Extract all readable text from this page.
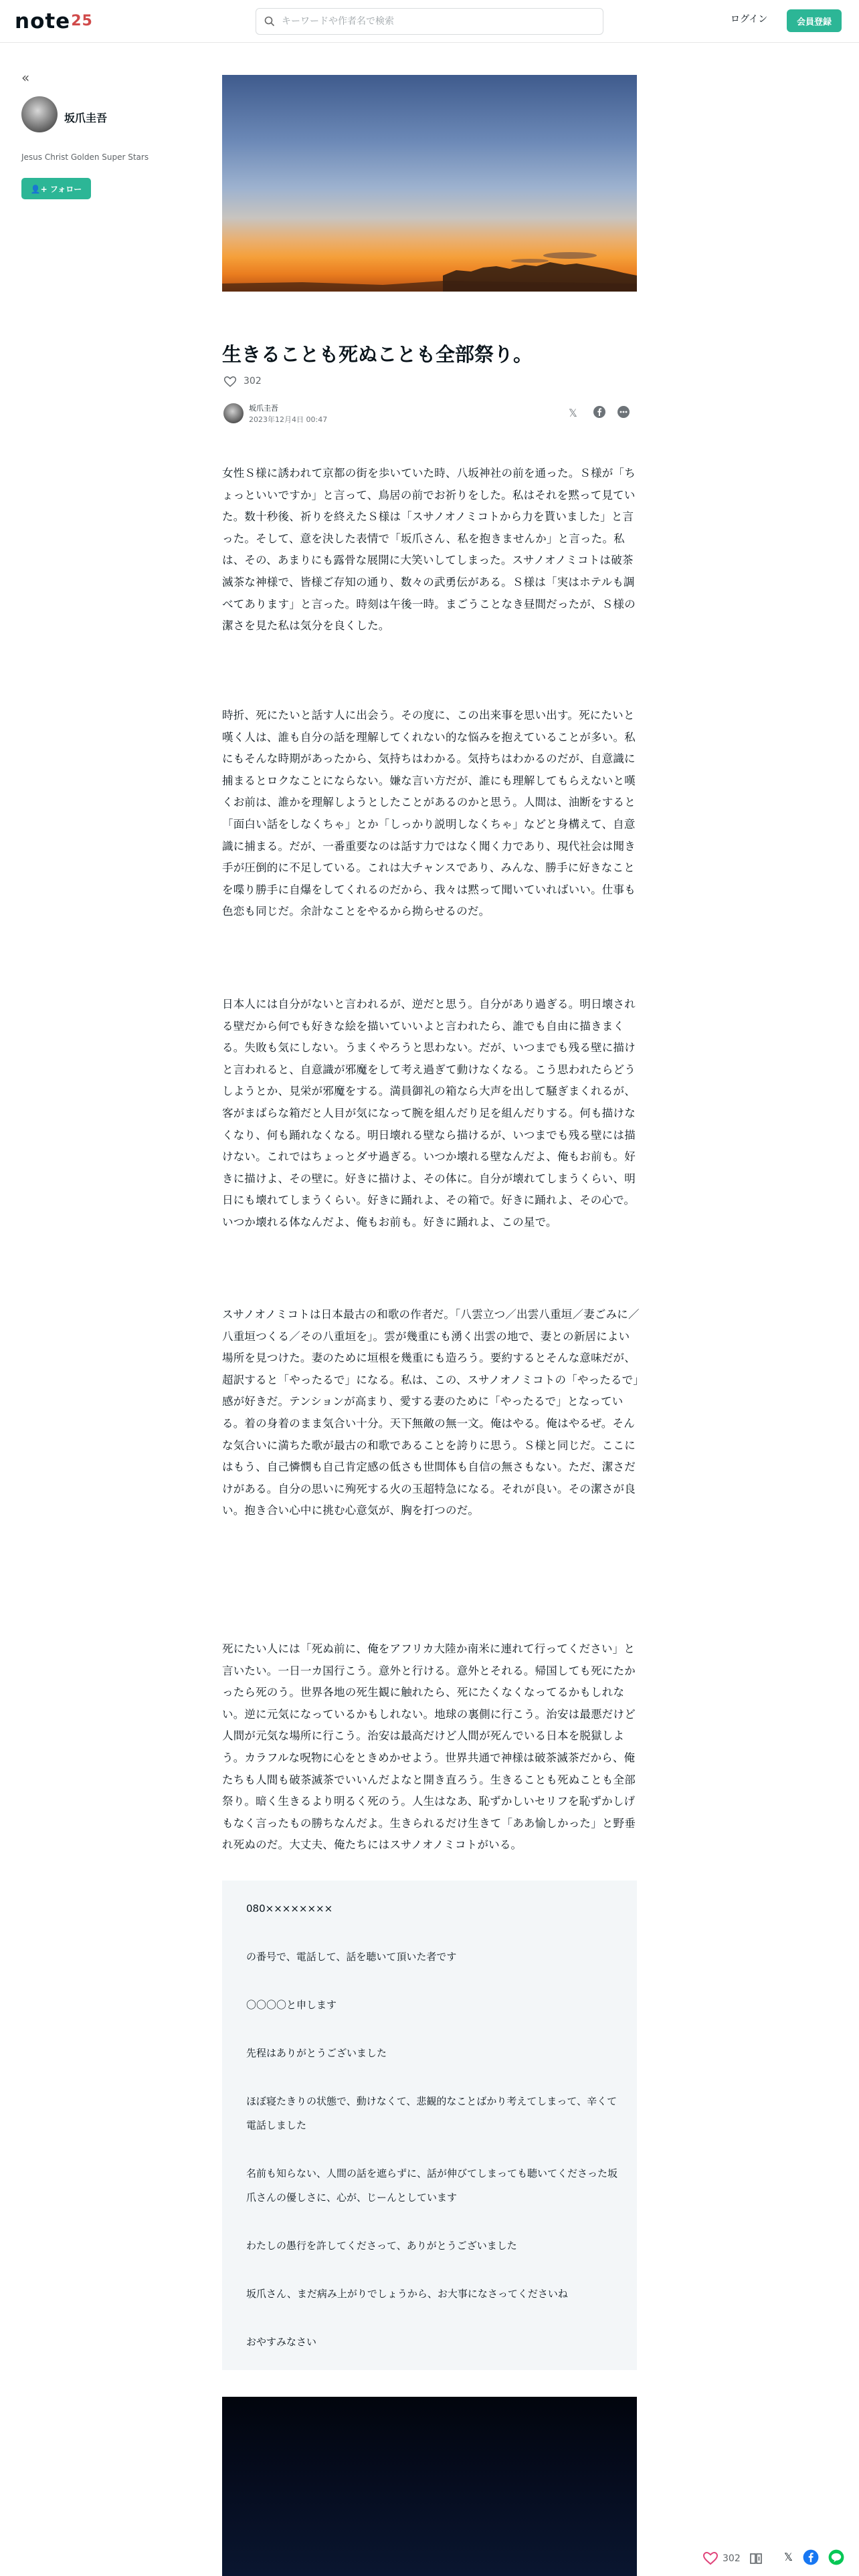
note25
キーワードや作者名で検索	ログイン	会員登録
«
坂爪圭吾
Jesus Christ Golden Super Stars
👤+ フォロー
生きることも死ぬことも全部祭り。
302
坂爪圭吾
2023年12月4日 00:47
𝕏

女性Ｓ様に誘われて京都の街を歩いていた時、八坂神社の前を通った。Ｓ様が「ちょっといいですか」と言って、鳥居の前でお祈りをした。私はそれを黙って見ていた。数十秒後、祈りを終えたＳ様は「スサノオノミコトから力を貰いました」と言った。そして、意を決した表情で「坂爪さん、私を抱きませんか」と言った。私は、その、あまりにも露骨な展開に大笑いしてしまった。スサノオノミコトは破茶滅茶な神様で、皆様ご存知の通り、数々の武勇伝がある。Ｓ様は「実はホテルも調べてあります」と言った。時刻は午後一時。まごうことなき昼間だったが、Ｓ様の潔さを見た私は気分を良くした。

時折、死にたいと話す人に出会う。その度に、この出来事を思い出す。死にたいと嘆く人は、誰も自分の話を理解してくれない的な悩みを抱えていることが多い。私にもそんな時期があったから、気持ちはわかる。気持ちはわかるのだが、自意識に捕まるとロクなことにならない。嫌な言い方だが、誰にも理解してもらえないと嘆くお前は、誰かを理解しようとしたことがあるのかと思う。人間は、油断をすると「面白い話をしなくちゃ」とか「しっかり説明しなくちゃ」などと身構えて、自意識に捕まる。だが、一番重要なのは話す力ではなく聞く力であり、現代社会は聞き手が圧倒的に不足している。これは大チャンスであり、みんな、勝手に好きなことを喋り勝手に自爆をしてくれるのだから、我々は黙って聞いていればいい。仕事も色恋も同じだ。余計なことをやるから拗らせるのだ。

日本人には自分がないと言われるが、逆だと思う。自分があり過ぎる。明日壊される壁だから何でも好きな絵を描いていいよと言われたら、誰でも自由に描きまくる。失敗も気にしない。うまくやろうと思わない。だが、いつまでも残る壁に描けと言われると、自意識が邪魔をして考え過ぎて動けなくなる。こう思われたらどうしようとか、見栄が邪魔をする。満員御礼の箱なら大声を出して騒ぎまくれるが、客がまばらな箱だと人目が気になって腕を組んだり足を組んだりする。何も描けなくなり、何も踊れなくなる。明日壊れる壁なら描けるが、いつまでも残る壁には描けない。これではちょっとダサ過ぎる。いつか壊れる壁なんだよ、俺もお前も。好きに描けよ、その壁に。好きに描けよ、その体に。自分が壊れてしまうくらい、明日にも壊れてしまうくらい。好きに踊れよ、その箱で。好きに踊れよ、その心で。いつか壊れる体なんだよ、俺もお前も。好きに踊れよ、この星で。

スサノオノミコトは日本最古の和歌の作者だ。「八雲立つ／出雲八重垣／妻ごみに／八重垣つくる／その八重垣を」。雲が幾重にも湧く出雲の地で、妻との新居によい場所を見つけた。妻のために垣根を幾重にも造ろう。要約するとそんな意味だが、超訳すると「やったるで」になる。私は、この、スサノオノミコトの「やったるで」感が好きだ。テンションが高まり、愛する妻のために「やったるで」となっている。着の身着のまま気合い十分。天下無敵の無一文。俺はやる。俺はやるぜ。そんな気合いに満ちた歌が最古の和歌であることを誇りに思う。Ｓ様と同じだ。ここにはもう、自己憐憫も自己肯定感の低さも世間体も自信の無さもない。ただ、潔さだけがある。自分の思いに殉死する火の玉超特急になる。それが良い。その潔さが良い。抱き合い心中に挑む心意気が、胸を打つのだ。

死にたい人には「死ぬ前に、俺をアフリカ大陸か南米に連れて行ってください」と言いたい。一日一カ国行こう。意外と行ける。意外とそれる。帰国しても死にたかったら死のう。世界各地の死生観に触れたら、死にたくなくなってるかもしれない。逆に元気になっているかもしれない。地球の裏側に行こう。治安は最悪だけど人間が元気な場所に行こう。治安は最高だけど人間が死んでいる日本を脱獄しよう。カラフルな呪物に心をときめかせよう。世界共通で神様は破茶滅茶だから、俺たちも人間も破茶滅茶でいいんだよなと開き直ろう。生きることも死ぬことも全部祭り。暗く生きるより明るく死のう。人生はなあ、恥ずかしいセリフを恥ずかしげもなく言ったもの勝ちなんだよ。生きられるだけ生きて「ああ愉しかった」と野垂れ死ぬのだ。大丈夫、俺たちにはスサノオノミコトがいる。

080××××××××

の番号で、電話して、話を聴いて頂いた者です

〇〇〇〇と申します

先程はありがとうございました

ほぼ寝たきりの状態で、動けなくて、悲観的なことばかり考えてしまって、辛くて電話しました

名前も知らない、人間の話を遮らずに、話が伸びてしまっても聴いてくださった坂爪さんの優しさに、心が、じーんとしています

わたしの愚行を許してくださって、ありがとうございました

坂爪さん、まだ病み上がりでしょうから、お大事になさってくださいね

おやすみなさい

302	𝕏
